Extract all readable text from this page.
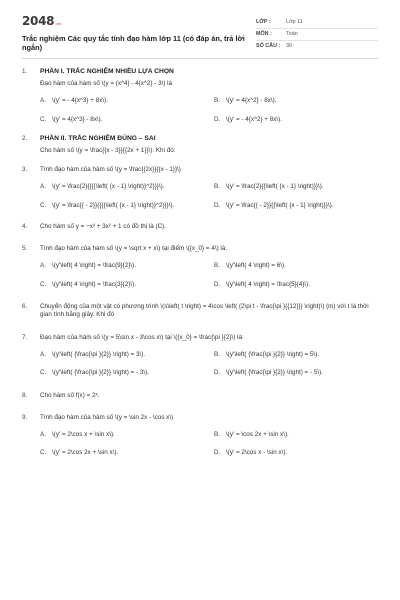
2048 .vn
Trắc nghiệm Các quy tắc tính đạo hàm lớp 11 (có đáp án, trả lời ngắn)
LỚP :	Lớp 11
MÔN :	Toán
SỐ CÂU :	30
1.	PHẦN I. TRẮC NGHIỆM NHIỀU LỰA CHỌN
Đạo hàm của hàm số \(y = {x^4} - 4{x^2} - 3\) là
A. \(y' = - 4{x^3} + 8x\).	B. \(y' = 4{x^2} - 8x\).
C. \(y' = 4{x^3} - 8x\).	D. \(y' = - 4{x^2} + 8x\).
2.	PHẦN II. TRẮC NGHIỆM ĐÚNG – SAI
Cho hàm số \(y = \frac{{x - 3}}{{2x + 1}}\). Khi đó:
3.	Tính đạo hàm của hàm số \(y = \frac{{2x}}{{x - 1}}\)
A. \(y' = \frac{2}{{{{\left( {x - 1} \right)}^2}}}\).	B. \(y' = \frac{2}{{\left( {x - 1} \right)}}\).
C. \(y' = \frac{{ - 2}}{{{{\left( {x - 1} \right)}^2}}}\).	D. \(y' = \frac{{ - 2}}{{\left( {x - 1} \right)}}\).
4.	Cho hàm số y = −x³ + 3x² + 1 có đồ thị là (C).
5.	Tính đạo hàm của hàm số \(y = \sqrt x + x\) tại điểm \({x_0} = 4\) là:
A. \(y'\left( 4 \right) = \frac{9}{2}\).	B. \(y'\left( 4 \right) = 6\).
C. \(y'\left( 4 \right) = \frac{3}{2}\).	D. \(y'\left( 4 \right) = \frac{5}{4}\).
6.	Chuyển động của một vật có phương trình \(s\left( t \right) = 4\cos \left( {2\pi t - \frac{\pi }{{12}}} \right)\) (m) với t là thời gian tính bằng giây. Khi đó
7.	Đạo hàm của hàm số \(y = 5\sin x - 3\cos x\) tại \({x_0} = \frac{\pi }{2}\) là:
A. \(y'\left( {\frac{\pi }{2}} \right) = 3\).	B. \(y'\left( {\frac{\pi }{2}} \right) = 5\).
C. \(y'\left( {\frac{\pi }{2}} \right) = - 3\).	D. \(y'\left( {\frac{\pi }{2}} \right) = - 5\).
8.	Cho hàm số f(x) = 2ˣ.
9.	Tính đạo hàm của hàm số \(y = \sin 2x - \cos x\)
A. \(y' = 2\cos x + \sin x\).	B. \(y' = \cos 2x + \sin x\).
C. \(y' = 2\cos 2x + \sin x\).	D. \(y' = 2\cos x - \sin x\).
